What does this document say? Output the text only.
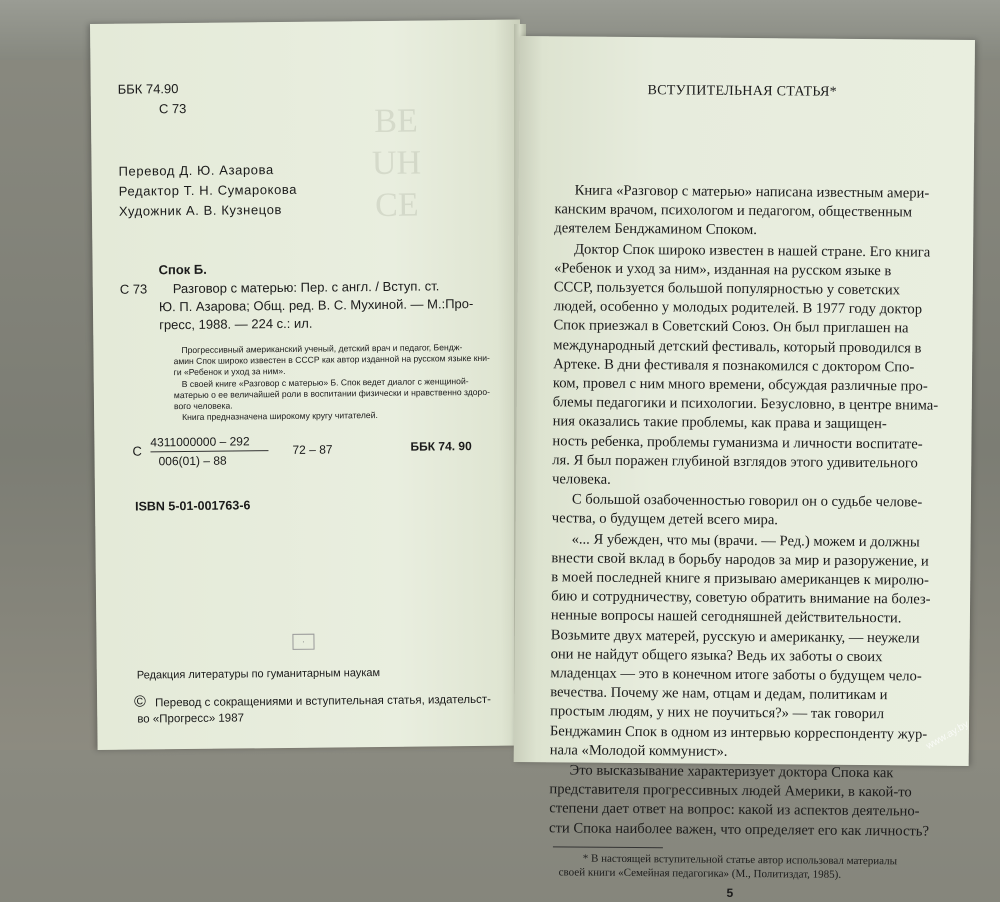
BE
UH
CE
ББК 74.90
С 73
Перевод Д. Ю. Азарова
Редактор Т. Н. Сумарокова
Художник А. В. Кузнецов
Спок Б.
С 73 Разговор с матерью: Пер. с англ. / Вступ. ст.
Ю. П. Азарова; Общ. ред. В. С. Мухиной. — М.:Про-
гресс, 1988. — 224 с.: ил.
Прогрессивный американский ученый, детский врач и педагог, Бендж-
амин Спок широко известен в СССР как автор изданной на русском языке кни-
ги «Ребенок и уход за ним».
В своей книге «Разговор с матерью» Б. Спок ведет диалог с женщиной-
матерью о ее величайшей роли в воспитании физически и нравственно здоро-
вого человека.
Книга предназначена широкому кругу читателей.
С
4311000000 – 292
006(01) – 88
72 – 87	ББК 74. 90
ISBN 5-01-001763-6
·
Редакция литературы по гуманитарным наукам
© Перевод с сокращениями и вступительная статья, издательст-
во «Прогресс» 1987
ВСТУПИТЕЛЬНАЯ СТАТЬЯ*
Книга «Разговор с матерью» написана известным амери-
канским врачом, психологом и педагогом, общественным
деятелем Бенджамином Споком.
Доктор Спок широко известен в нашей стране. Его книга
«Ребенок и уход за ним», изданная на русском языке в
СССР, пользуется большой популярностью у советских
людей, особенно у молодых родителей. В 1977 году доктор
Спок приезжал в Советский Союз. Он был приглашен на
международный детский фестиваль, который проводился в
Артеке. В дни фестиваля я познакомился с доктором Спо-
ком, провел с ним много времени, обсуждая различные про-
блемы педагогики и психологии. Безусловно, в центре внима-
ния оказались такие проблемы, как права и защищен-
ность ребенка, проблемы гуманизма и личности воспитате-
ля. Я был поражен глубиной взглядов этого удивительного
человека.
С большой озабоченностью говорил он о судьбе челове-
чества, о будущем детей всего мира.
«... Я убежден, что мы (врачи. — Ред.) можем и должны
внести свой вклад в борьбу народов за мир и разоружение, и
в моей последней книге я призываю американцев к миролю-
бию и сотрудничеству, советую обратить внимание на болез-
ненные вопросы нашей сегодняшней действительности.
Возьмите двух матерей, русскую и американку, — неужели
они не найдут общего языка? Ведь их заботы о своих
младенцах — это в конечном итоге заботы о будущем чело-
вечества. Почему же нам, отцам и дедам, политикам и
простым людям, у них не поучиться?» — так говорил
Бенджамин Спок в одном из интервью корреспонденту жур-
нала «Молодой коммунист».
Это высказывание характеризует доктора Спока как
представителя прогрессивных людей Америки, в какой-то
степени дает ответ на вопрос: какой из аспектов деятельно-
сти Спока наиболее важен, что определяет его как личность?
* В настоящей вступительной статье автор использовал материалы
своей книги «Семейная педагогика» (М., Политиздат, 1985).
5
www.ay.by
